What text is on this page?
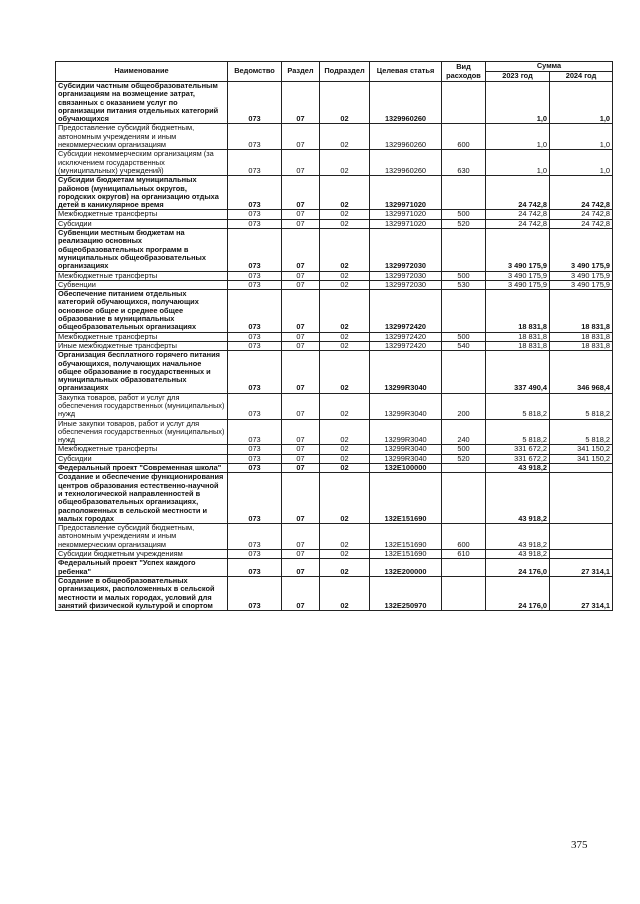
Наименование	Ведомство	Раздел	Подраздел	Целевая статья	Вид расходов	Сумма	
						2023 год	2024 год
Субсидии частным общеобразовательным организациям на возмещение затрат, связанных с оказанием услуг по организации питания отдельных категорий обучающихся	073	07	02	1329960260		1,0	1,0
Предоставление субсидий бюджетным, автономным учреждениям и иным некоммерческим организациям	073	07	02	1329960260	600	1,0	1,0
Субсидии некоммерческим организациям (за исключением государственных (муниципальных) учреждений)	073	07	02	1329960260	630	1,0	1,0
Субсидии бюджетам муниципальных районов (муниципальных округов, городских округов) на организацию отдыха детей в каникулярное время	073	07	02	1329971020		24 742,8	24 742,8
Межбюджетные трансферты	073	07	02	1329971020	500	24 742,8	24 742,8
Субсидии	073	07	02	1329971020	520	24 742,8	24 742,8
Субвенции местным бюджетам на реализацию основных общеобразовательных программ в муниципальных общеобразовательных организациях	073	07	02	1329972030		3 490 175,9	3 490 175,9
Межбюджетные трансферты	073	07	02	1329972030	500	3 490 175,9	3 490 175,9
Субвенции	073	07	02	1329972030	530	3 490 175,9	3 490 175,9
Обеспечение питанием отдельных категорий обучающихся, получающих основное общее и среднее общее образование в муниципальных общеобразовательных организациях	073	07	02	1329972420		18 831,8	18 831,8
Межбюджетные трансферты	073	07	02	1329972420	500	18 831,8	18 831,8
Иные межбюджетные трансферты	073	07	02	1329972420	540	18 831,8	18 831,8
Организация бесплатного горячего питания обучающихся, получающих начальное общее образование в государственных и муниципальных образовательных организациях	073	07	02	13299R3040		337 490,4	346 968,4
Закупка товаров, работ и услуг для обеспечения государственных (муниципальных) нужд	073	07	02	13299R3040	200	5 818,2	5 818,2
Иные закупки товаров, работ и услуг для обеспечения государственных (муниципальных) нужд	073	07	02	13299R3040	240	5 818,2	5 818,2
Межбюджетные трансферты	073	07	02	13299R3040	500	331 672,2	341 150,2
Субсидии	073	07	02	13299R3040	520	331 672,2	341 150,2
Федеральный проект "Современная школа"	073	07	02	132E100000		43 918,2	
Создание и обеспечение функционирования центров образования естественно-научной и технологической направленностей в общеобразовательных организациях, расположенных в сельской местности и малых городах	073	07	02	132E151690		43 918,2	
Предоставление субсидий бюджетным, автономным учреждениям и иным некоммерческим организациям	073	07	02	132E151690	600	43 918,2	
Субсидии бюджетным учреждениям	073	07	02	132E151690	610	43 918,2	
Федеральный проект "Успех каждого ребенка"	073	07	02	132E200000		24 176,0	27 314,1
Создание в общеобразовательных организациях, расположенных в сельской местности и малых городах, условий для занятий физической культурой и спортом	073	07	02	132E250970		24 176,0	27 314,1
375
